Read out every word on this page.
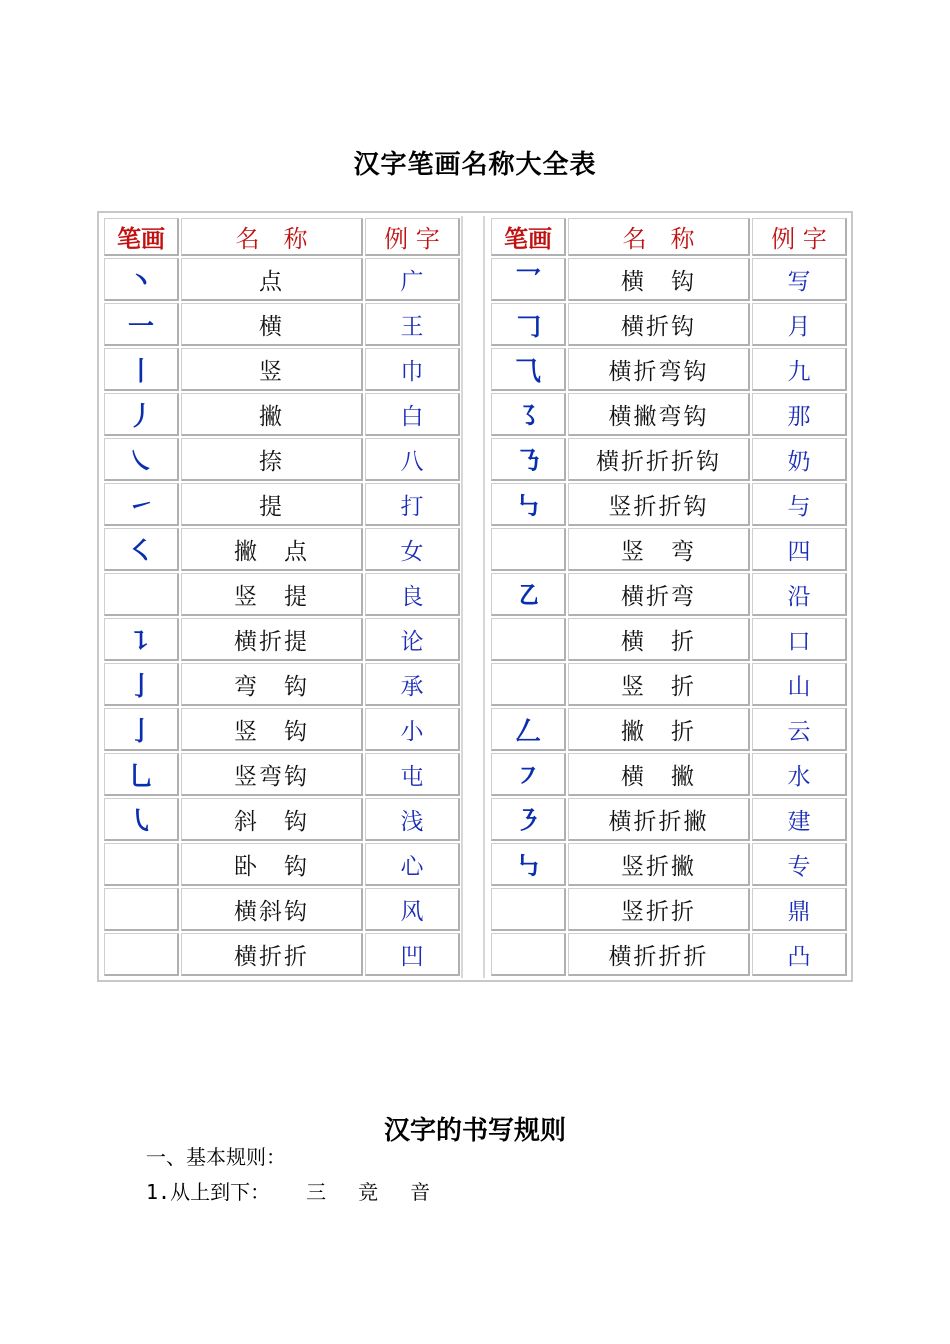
汉字笔画名称大全表
笔画	名　称	例 字
丶	点	广
一	横	王
丨	竖	巾
丿	撇	白
㇏	捺	八
㇀	提	打
㇛	撇　点	女
	竖　提	良
㇊	横折提	论
亅	弯　钩	承
亅	竖　钩	小
乚	竖弯钩	屯
㇂	斜　钩	浅
	卧　钩	心
	横斜钩	风
	横折折	凹
笔画	名　称	例 字
乛	横　钩	写
𠃌	横折钩	月
⺄	横折弯钩	九
㇌	横撇弯钩	那
㇡	横折折折钩	奶
㇉	竖折折钩	与
	竖　弯	四
㇠	横折弯	沿
	横　折	口
	竖　折	山
𠃋	撇　折	云
㇇	横　撇	水
㇋	横折折撇	建
㇉	竖折撇	专
	竖折折	鼎
	横折折折	凸
汉字的书写规则
一、基本规则：
1.从上到下： 三 竞 音
